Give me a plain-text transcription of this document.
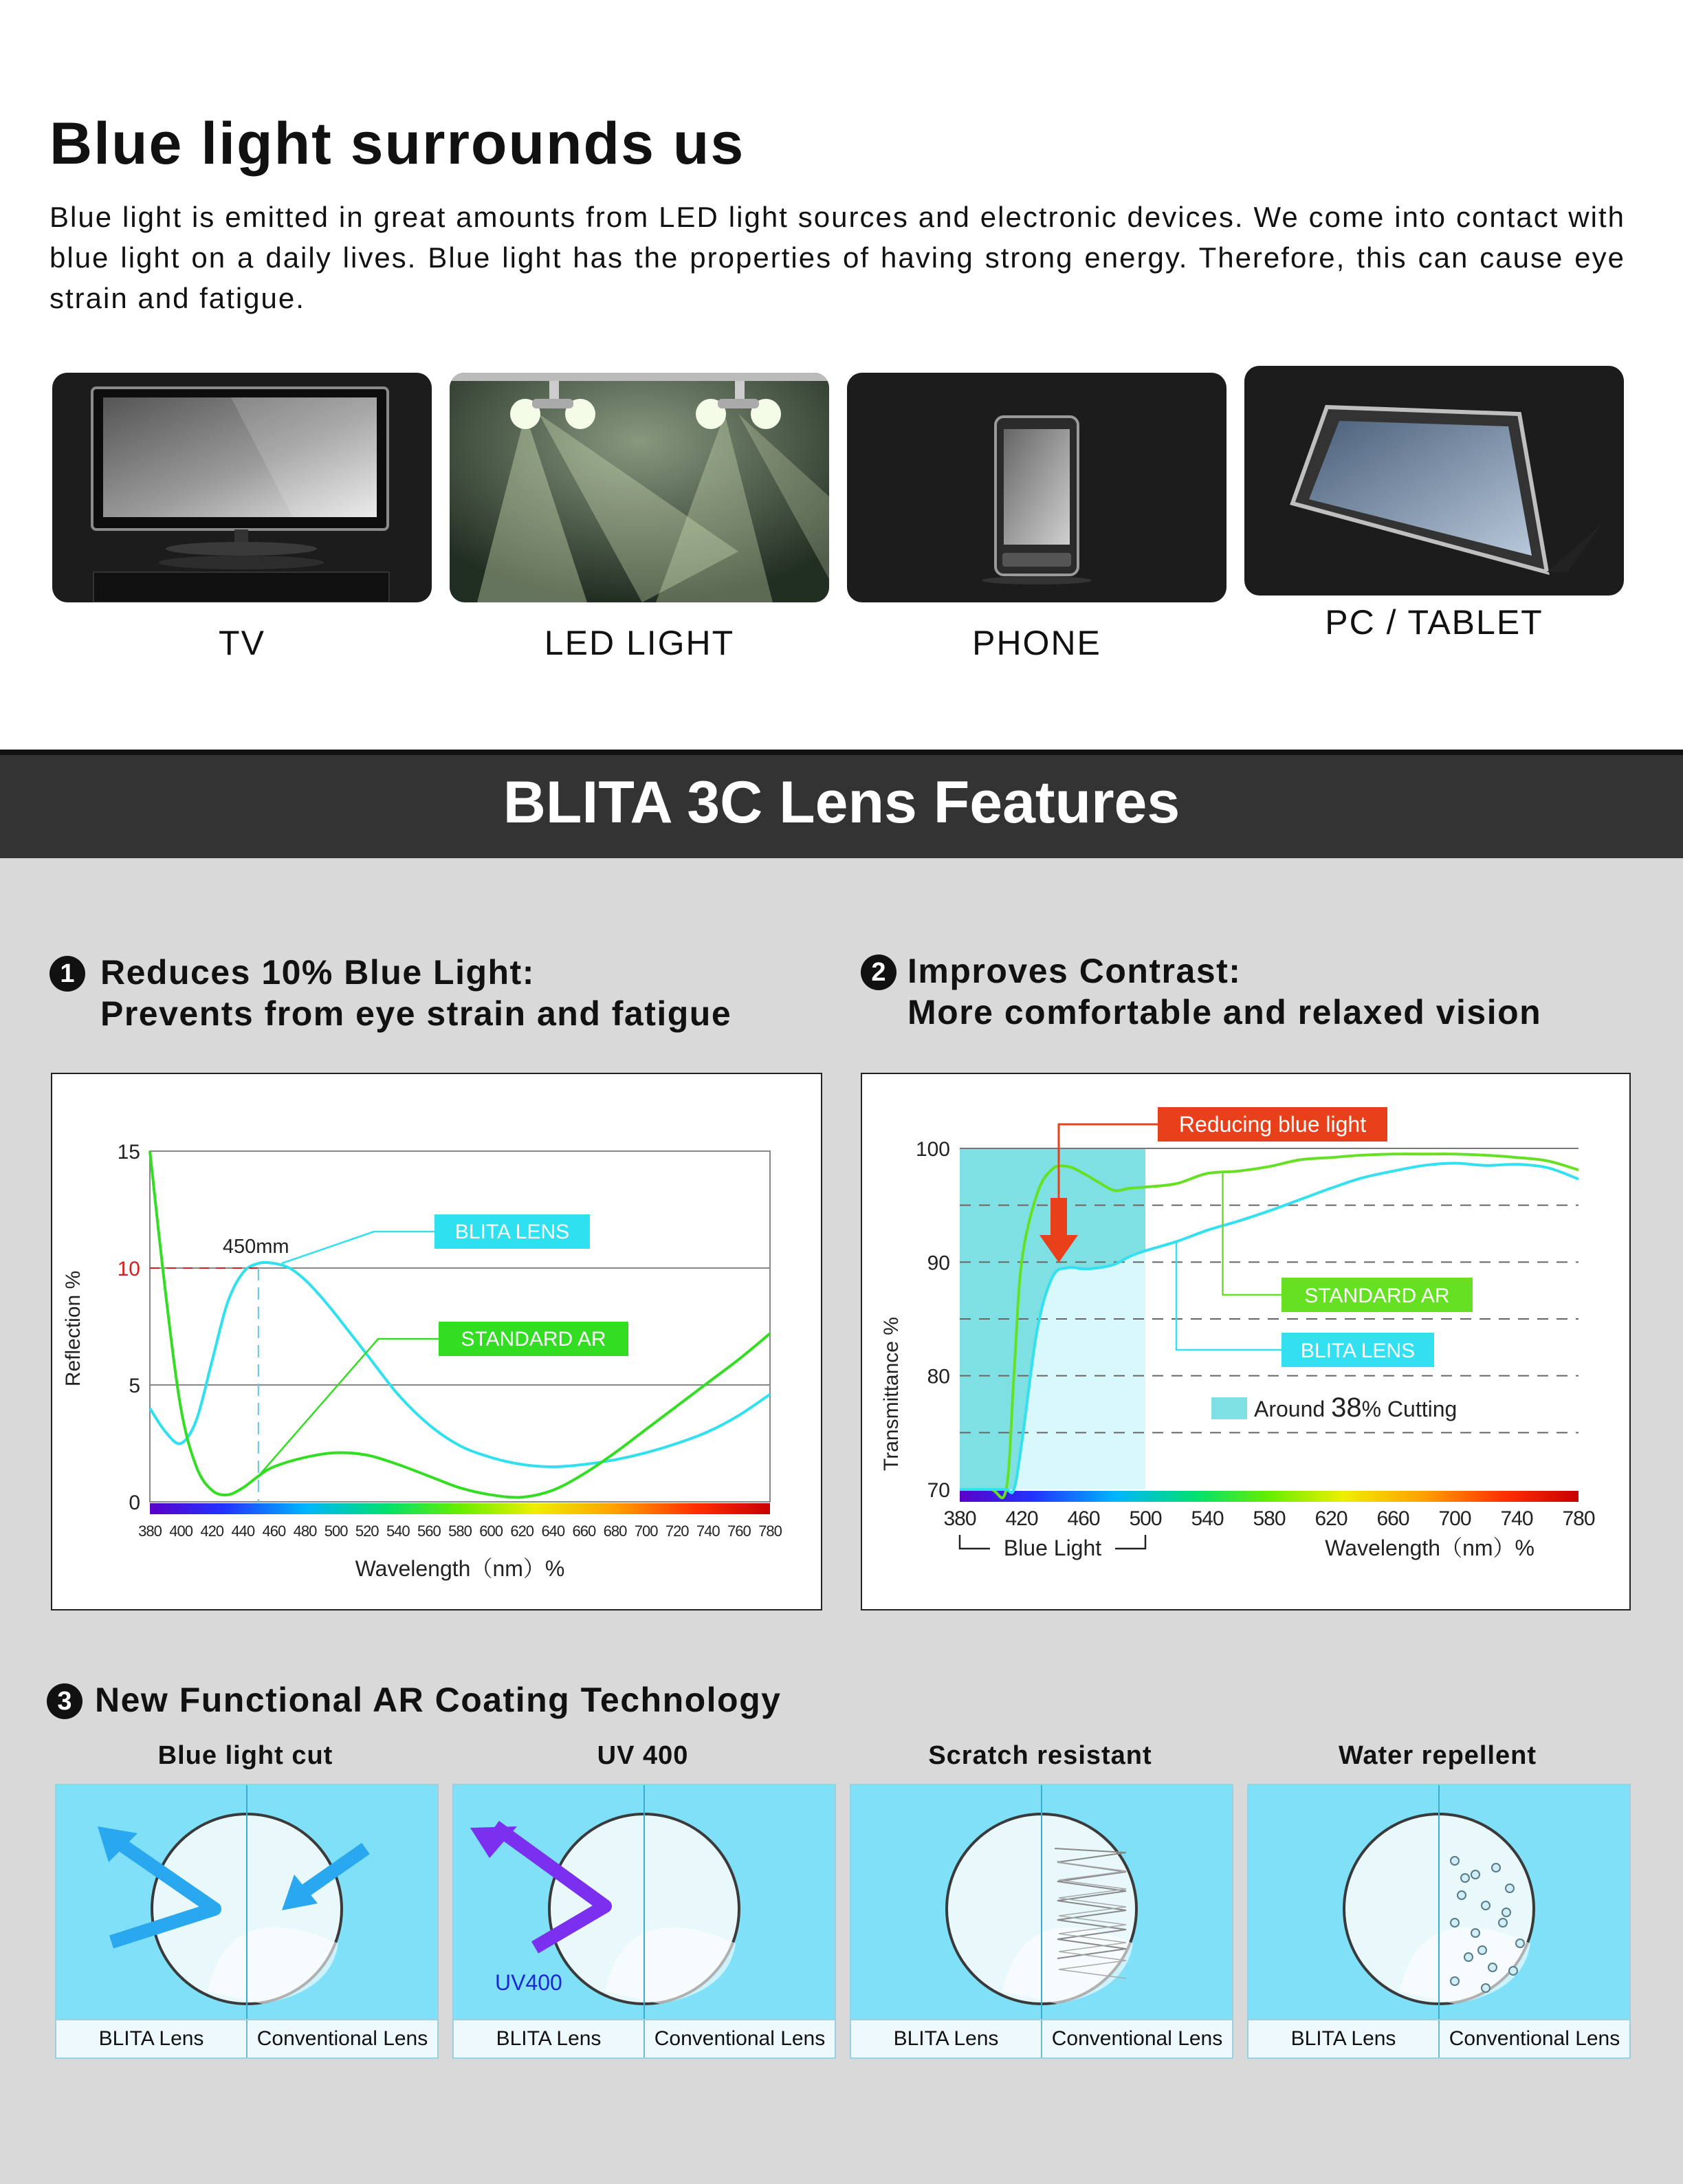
Blue light surrounds us

Blue light is emitted in great amounts from LED light sources and electronic devices. We come into contact with blue light on a daily lives. Blue light has the properties of having strong energy. Therefore, this can cause eye strain and fatigue.

TV	LED LIGHT	PHONE
PC / TABLET
BLITA 3C Lens Features
1 Reduces 10% Blue Light:
Prevents from eye strain and fatigue
2 Improves Contrast:
More comfortable and relaxed vision
0
5
10
15
380 400 420 440 460 480 500 520 540 560 580 600 620 640 660 680 700 720 740 760 780
BLITA LENS
STANDARD AR
450mm
Reflection %
Wavelength（nm）%
70
80
90
100
380 420 460 500 540 580 620 660 700 740 780
STANDARD AR
BLITA LENS
Blue Light
Around 38% Cutting
Reducing blue light
Transmittance %
Wavelength（nm）%
3 New Functional AR Coating Technology
Blue light cut
BLITA Lens	Conventional Lens
UV 400
UV400
BLITA Lens	Conventional Lens
Scratch resistant
BLITA Lens	Conventional Lens
Water repellent
BLITA Lens	Conventional Lens
